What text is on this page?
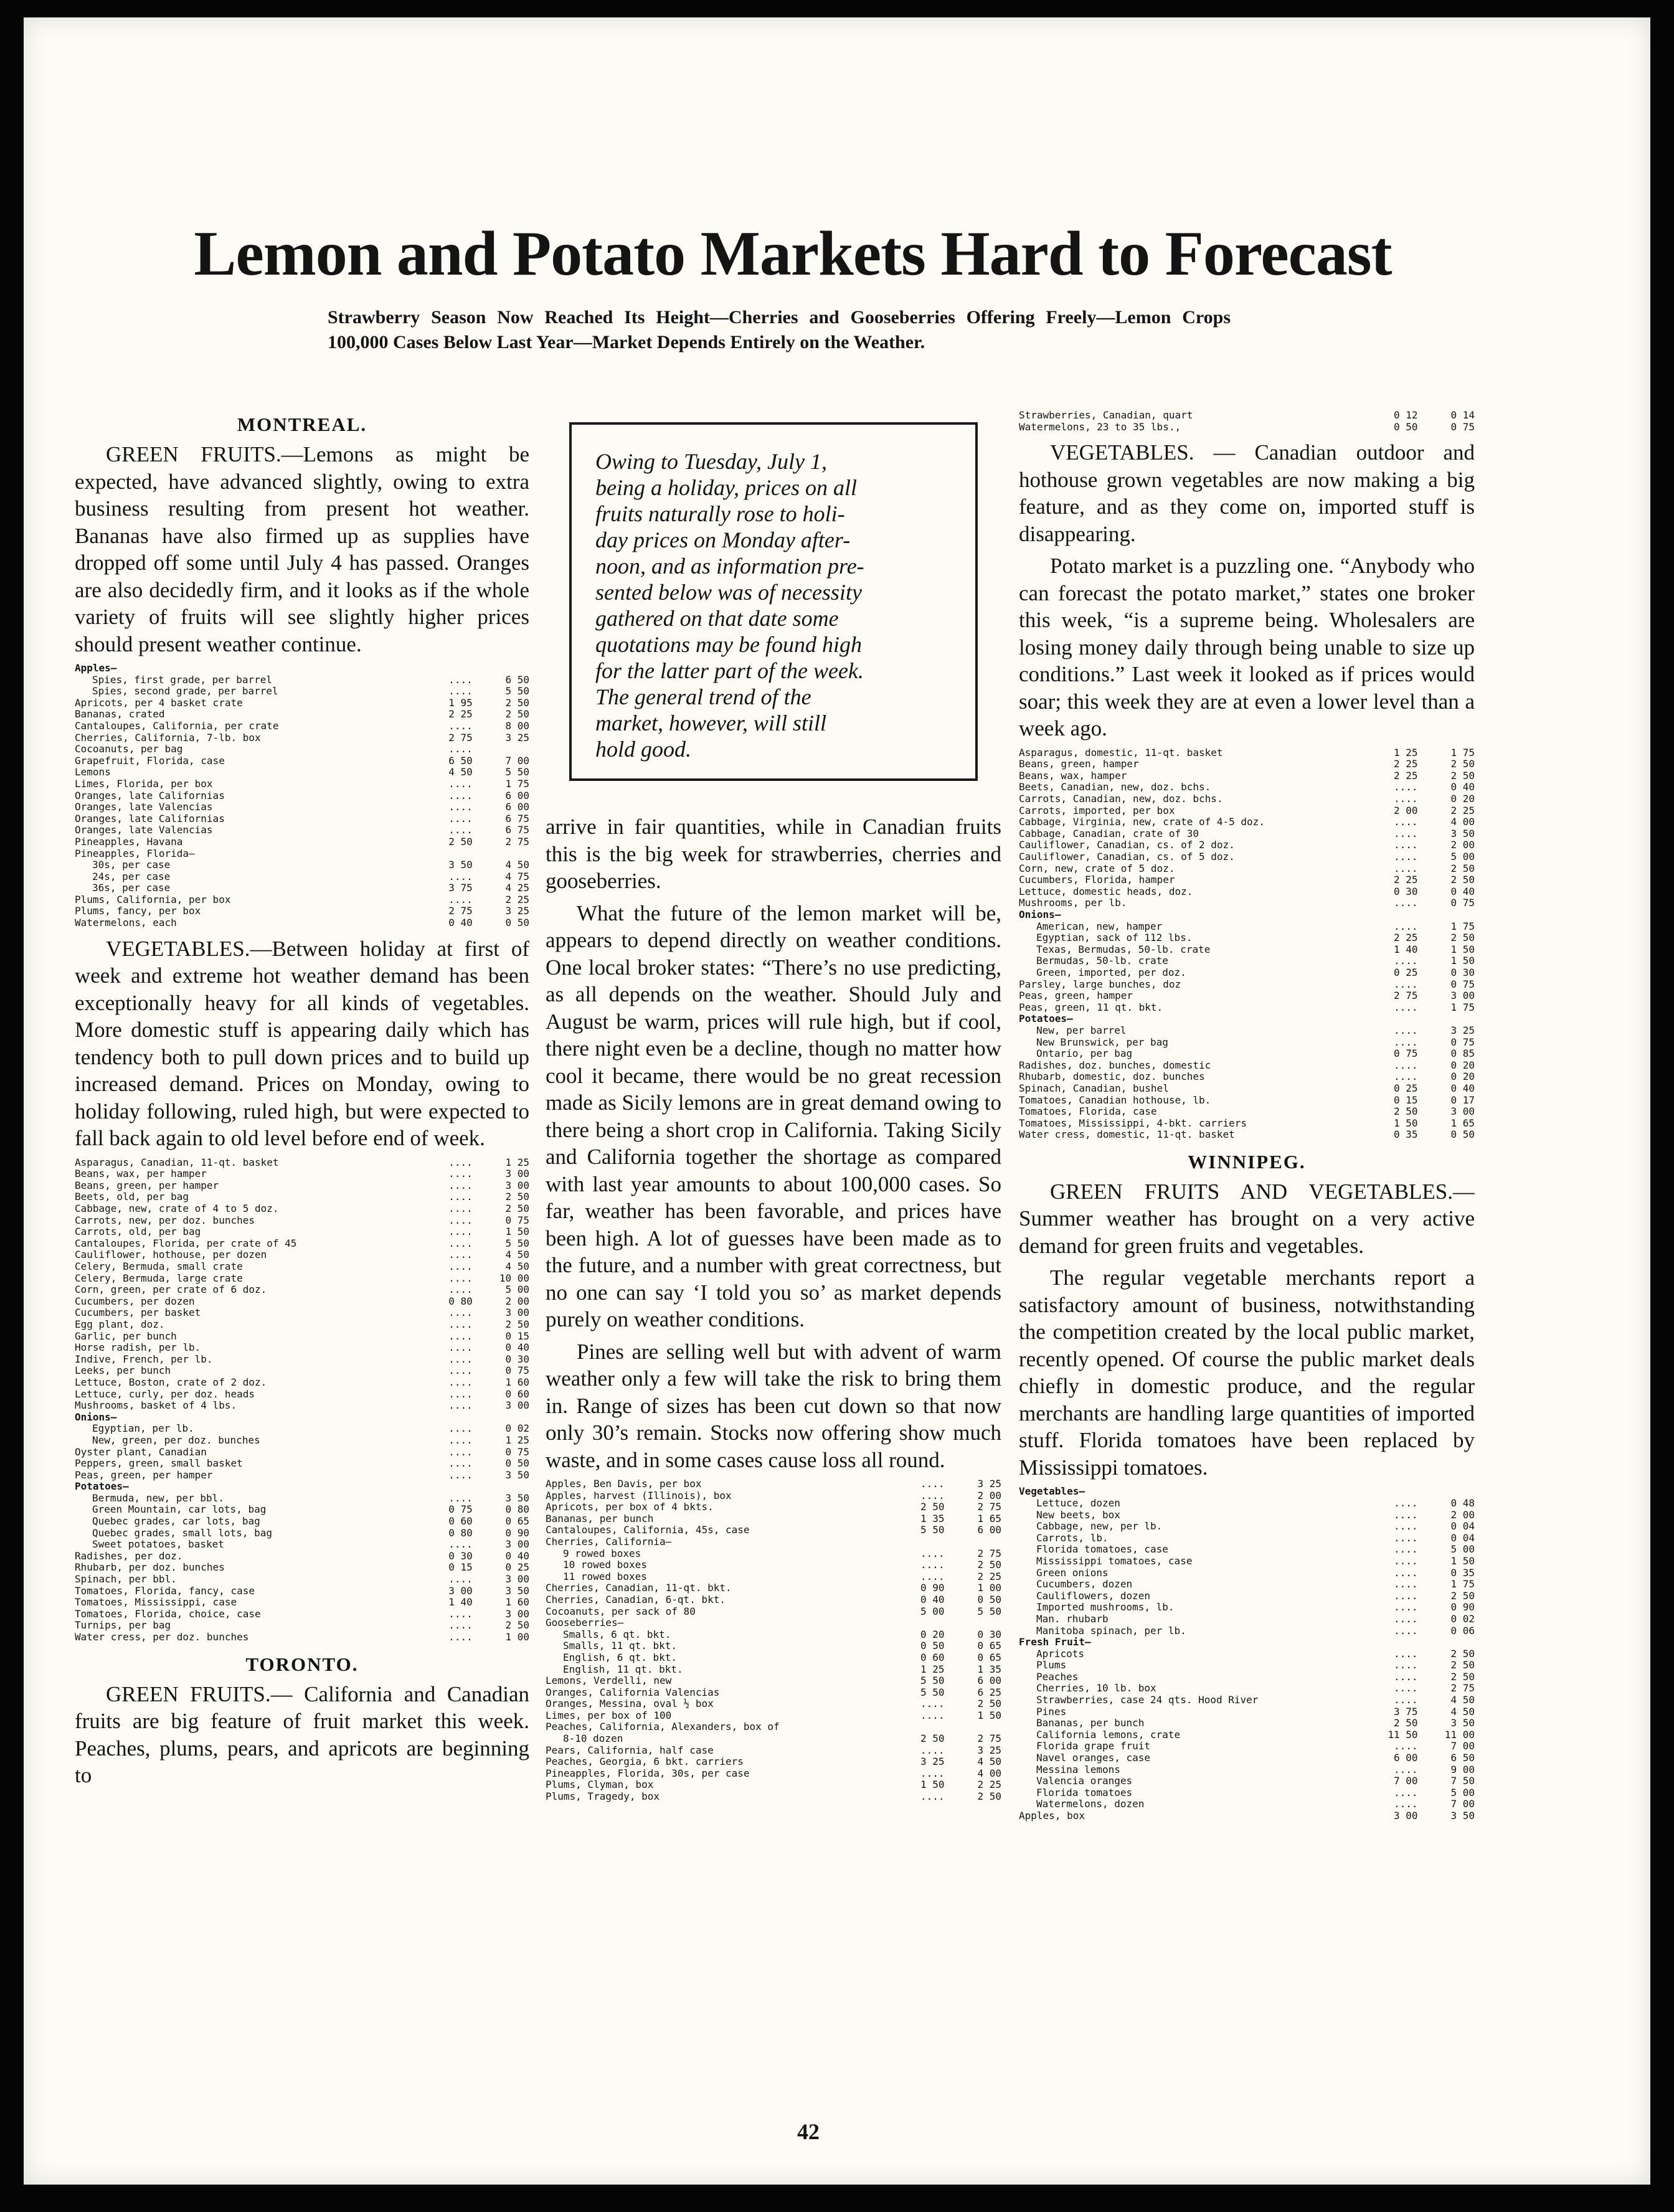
Lemon and Potato Markets Hard to Forecast
Strawberry Season Now Reached Its Height—Cherries and Gooseberries Offering Freely—Lemon Crops 100,000 Cases Below Last Year—Market Depends Entirely on the Weather.
MONTREAL.

GREEN FRUITS.—Lemons as might be expected, have advanced slightly, owing to extra business resulting from present hot weather. Bananas have also firmed up as supplies have dropped off some until July 4 has passed. Oranges are also decidedly firm, and it looks as if the whole variety of fruits will see slightly higher prices should present weather continue.

Apples—		
Spies, first grade, per barrel	....	6 50
Spies, second grade, per barrel	....	5 50
Apricots, per 4 basket crate	1 95	2 50
Bananas, crated	2 25	2 50
Cantaloupes, California, per crate	....	8 00
Cherries, California, 7-lb. box	2 75	3 25
Cocoanuts, per bag	....	
Grapefruit, Florida, case	6 50	7 00
Lemons	4 50	5 50
Limes, Florida, per box	....	1 75
Oranges, late Californias	....	6 00
Oranges, late Valencias	....	6 00
Oranges, late Californias	....	6 75
Oranges, late Valencias	....	6 75
Pineapples, Havana	2 50	2 75
Pineapples, Florida—		
30s, per case	3 50	4 50
24s, per case	....	4 75
36s, per case	3 75	4 25
Plums, California, per box	....	2 25
Plums, fancy, per box	2 75	3 25
Watermelons, each	0 40	0 50

VEGETABLES.—Between holiday at first of week and extreme hot weather demand has been exceptionally heavy for all kinds of vegetables. More domestic stuff is appearing daily which has tendency both to pull down prices and to build up increased demand. Prices on Monday, owing to holiday following, ruled high, but were expected to fall back again to old level before end of week.

Asparagus, Canadian, 11-qt. basket	....	1 25
Beans, wax, per hamper	....	3 00
Beans, green, per hamper	....	3 00
Beets, old, per bag	....	2 50
Cabbage, new, crate of 4 to 5 doz.	....	2 50
Carrots, new, per doz. bunches	....	0 75
Carrots, old, per bag	....	1 50
Cantaloupes, Florida, per crate of 45	....	5 50
Cauliflower, hothouse, per dozen	....	4 50
Celery, Bermuda, small crate	....	4 50
Celery, Bermuda, large crate	....	10 00
Corn, green, per crate of 6 doz.	....	5 00
Cucumbers, per dozen	0 80	2 00
Cucumbers, per basket	....	3 00
Egg plant, doz.	....	2 50
Garlic, per bunch	....	0 15
Horse radish, per lb.	....	0 40
Indive, French, per lb.	....	0 30
Leeks, per bunch	....	0 75
Lettuce, Boston, crate of 2 doz.	....	1 60
Lettuce, curly, per doz. heads	....	0 60
Mushrooms, basket of 4 lbs.	....	3 00
Onions—		
Egyptian, per lb.	....	0 02
New, green, per doz. bunches	....	1 25
Oyster plant, Canadian	....	0 75
Peppers, green, small basket	....	0 50
Peas, green, per hamper	....	3 50
Potatoes—		
Bermuda, new, per bbl.	....	3 50
Green Mountain, car lots, bag	0 75	0 80
Quebec grades, car lots, bag	0 60	0 65
Quebec grades, small lots, bag	0 80	0 90
Sweet potatoes, basket	....	3 00
Radishes, per doz.	0 30	0 40
Rhubarb, per doz. bunches	0 15	0 25
Spinach, per bbl.	....	3 00
Tomatoes, Florida, fancy, case	3 00	3 50
Tomatoes, Mississippi, case	1 40	1 60
Tomatoes, Florida, choice, case	....	3 00
Turnips, per bag	....	2 50
Water cress, per doz. bunches	....	1 00
TORONTO.

GREEN FRUITS.— California and Canadian fruits are big feature of fruit market this week. Peaches, plums, pears, and apricots are beginning to

Owing to Tuesday, July 1,
being a holiday, prices on all
fruits naturally rose to holi-
day prices on Monday after-
noon, and as information pre-
sented below was of necessity
gathered on that date some
quotations may be found high
for the latter part of the week.
The general trend of the
market, however, will still
hold good.

arrive in fair quantities, while in Canadian fruits this is the big week for strawberries, cherries and gooseberries.

What the future of the lemon market will be, appears to depend directly on weather conditions. One local broker states: “There’s no use predicting, as all depends on the weather. Should July and August be warm, prices will rule high, but if cool, there night even be a decline, though no matter how cool it became, there would be no great recession made as Sicily lemons are in great demand owing to there being a short crop in California. Taking Sicily and California together the shortage as compared with last year amounts to about 100,000 cases. So far, weather has been favorable, and prices have been high. A lot of guesses have been made as to the future, and a number with great correctness, but no one can say ‘I told you so’ as market depends purely on weather conditions.

Pines are selling well but with advent of warm weather only a few will take the risk to bring them in. Range of sizes has been cut down so that now only 30’s remain. Stocks now offering show much waste, and in some cases cause loss all round.

Apples, Ben Davis, per box	....	3 25
Apples, harvest (Illinois), box	....	2 00
Apricots, per box of 4 bkts.	2 50	2 75
Bananas, per bunch	1 35	1 65
Cantaloupes, California, 45s, case	5 50	6 00
Cherries, California—		
9 rowed boxes	....	2 75
10 rowed boxes	....	2 50
11 rowed boxes	....	2 25
Cherries, Canadian, 11-qt. bkt.	0 90	1 00
Cherries, Canadian, 6-qt. bkt.	0 40	0 50
Cocoanuts, per sack of 80	5 00	5 50
Gooseberries—		
Smalls, 6 qt. bkt.	0 20	0 30
Smalls, 11 qt. bkt.	0 50	0 65
English, 6 qt. bkt.	0 60	0 65
English, 11 qt. bkt.	1 25	1 35
Lemons, Verdelli, new	5 50	6 00
Oranges, California Valencias	5 50	6 25
Oranges, Messina, oval ½ box	....	2 50
Limes, per box of 100	....	1 50
Peaches, California, Alexanders, box of		
8-10 dozen	2 50	2 75
Pears, California, half case	....	3 25
Peaches, Georgia, 6 bkt. carriers	3 25	4 50
Pineapples, Florida, 30s, per case	....	4 00
Plums, Clyman, box	1 50	2 25
Plums, Tragedy, box	....	2 50
Strawberries, Canadian, quart	0 12	0 14
Watermelons, 23 to 35 lbs.,	0 50	0 75

VEGETABLES. — Canadian outdoor and hothouse grown vegetables are now making a big feature, and as they come on, imported stuff is disappearing.

Potato market is a puzzling one. “Anybody who can forecast the potato market,” states one broker this week, “is a supreme being. Wholesalers are losing money daily through being unable to size up conditions.” Last week it looked as if prices would soar; this week they are at even a lower level than a week ago.

Asparagus, domestic, 11-qt. basket	1 25	1 75
Beans, green, hamper	2 25	2 50
Beans, wax, hamper	2 25	2 50
Beets, Canadian, new, doz. bchs.	....	0 40
Carrots, Canadian, new, doz. bchs.	....	0 20
Carrots, imported, per box	2 00	2 25
Cabbage, Virginia, new, crate of 4-5 doz.	....	4 00
Cabbage, Canadian, crate of 30	....	3 50
Cauliflower, Canadian, cs. of 2 doz.	....	2 00
Cauliflower, Canadian, cs. of 5 doz.	....	5 00
Corn, new, crate of 5 doz.	....	2 50
Cucumbers, Florida, hamper	2 25	2 50
Lettuce, domestic heads, doz.	0 30	0 40
Mushrooms, per lb.	....	0 75
Onions—		
American, new, hamper	....	1 75
Egyptian, sack of 112 lbs.	2 25	2 50
Texas, Bermudas, 50-lb. crate	1 40	1 50
Bermudas, 50-lb. crate	....	1 50
Green, imported, per doz.	0 25	0 30
Parsley, large bunches, doz	....	0 75
Peas, green, hamper	2 75	3 00
Peas, green, 11 qt. bkt.	....	1 75
Potatoes—		
New, per barrel	....	3 25
New Brunswick, per bag	....	0 75
Ontario, per bag	0 75	0 85
Radishes, doz. bunches, domestic	....	0 20
Rhubarb, domestic, doz. bunches	....	0 20
Spinach, Canadian, bushel	0 25	0 40
Tomatoes, Canadian hothouse, lb.	0 15	0 17
Tomatoes, Florida, case	2 50	3 00
Tomatoes, Mississippi, 4-bkt. carriers	1 50	1 65
Water cress, domestic, 11-qt. basket	0 35	0 50
WINNIPEG.

GREEN FRUITS AND VEGETABLES.—Summer weather has brought on a very active demand for green fruits and vegetables.

The regular vegetable merchants report a satisfactory amount of business, notwithstanding the competition created by the local public market, recently opened. Of course the public market deals chiefly in domestic produce, and the regular merchants are handling large quantities of imported stuff. Florida tomatoes have been replaced by Mississippi tomatoes.

Vegetables—		
Lettuce, dozen	....	0 48
New beets, box	....	2 00
Cabbage, new, per lb.	....	0 04
Carrots, lb.	....	0 04
Florida tomatoes, case	....	5 00
Mississippi tomatoes, case	....	1 50
Green onions	....	0 35
Cucumbers, dozen	....	1 75
Cauliflowers, dozen	....	2 50
Imported mushrooms, lb.	....	0 90
Man. rhubarb	....	0 02
Manitoba spinach, per lb.	....	0 06
Fresh Fruit—		
Apricots	....	2 50
Plums	....	2 50
Peaches	....	2 50
Cherries, 10 lb. box	....	2 75
Strawberries, case 24 qts. Hood River	....	4 50
Pines	3 75	4 50
Bananas, per bunch	2 50	3 50
California lemons, crate	11 50	11 00
Florida grape fruit	....	7 00
Navel oranges, case	6 00	6 50
Messina lemons	....	9 00
Valencia oranges	7 00	7 50
Florida tomatoes	....	5 00
Watermelons, dozen	....	7 00
Apples, box	3 00	3 50
42
